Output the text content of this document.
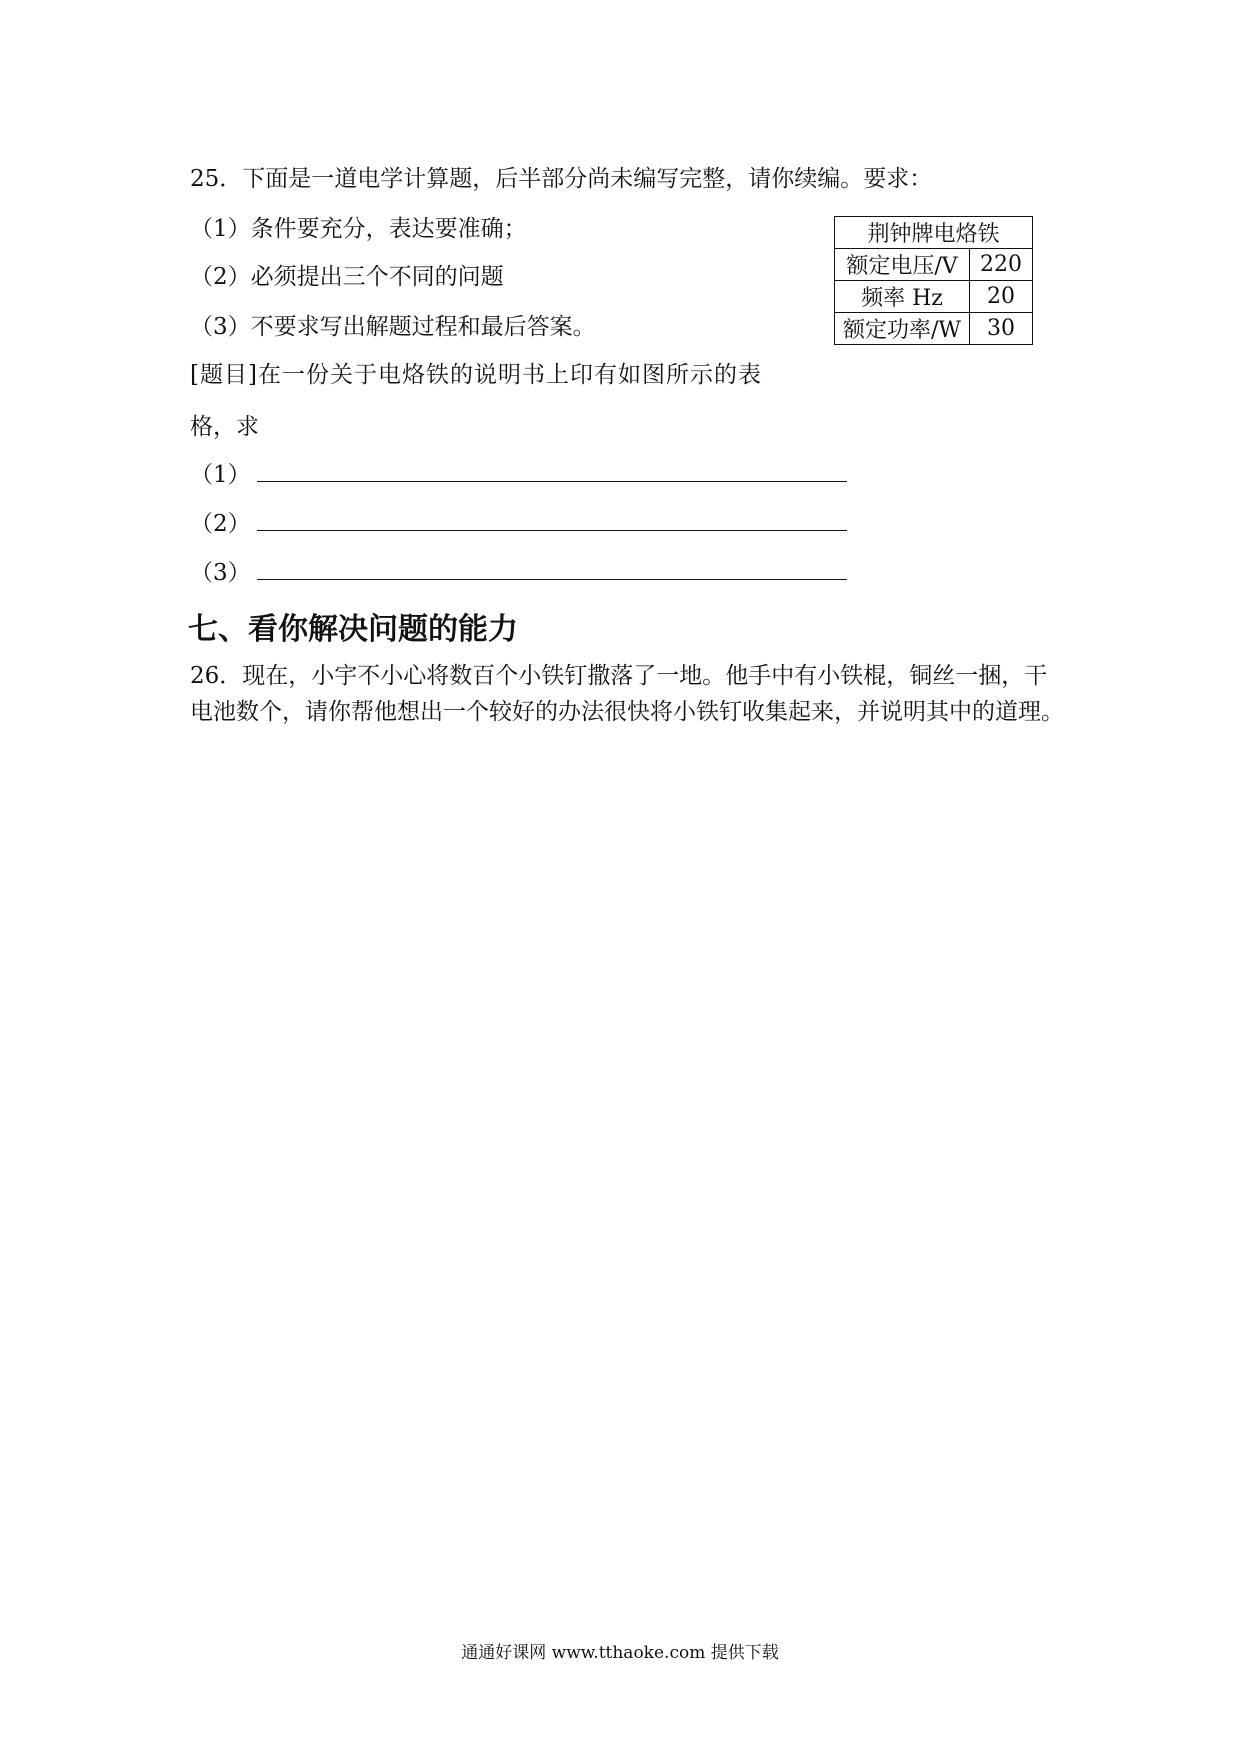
25．下面是一道电学计算题，后半部分尚未编写完整，请你续编。要求：
（1）条件要充分，表达要准确；
（2）必须提出三个不同的问题
（3）不要求写出解题过程和最后答案。
[题目]在一份关于电烙铁的说明书上印有如图所示的表
格，求
（1）
（2）
（3）
荆钟牌电烙铁	
额定电压/V	220
频率 Hz	20
额定功率/W	30
七、看你解决问题的能力
26．现在，小宇不小心将数百个小铁钉撒落了一地。他手中有小铁棍，铜丝一捆，干电池数个，请你帮他想出一个较好的办法很快将小铁钉收集起来，并说明其中的道理。
通通好课网 www.tthaoke.com 提供下载
